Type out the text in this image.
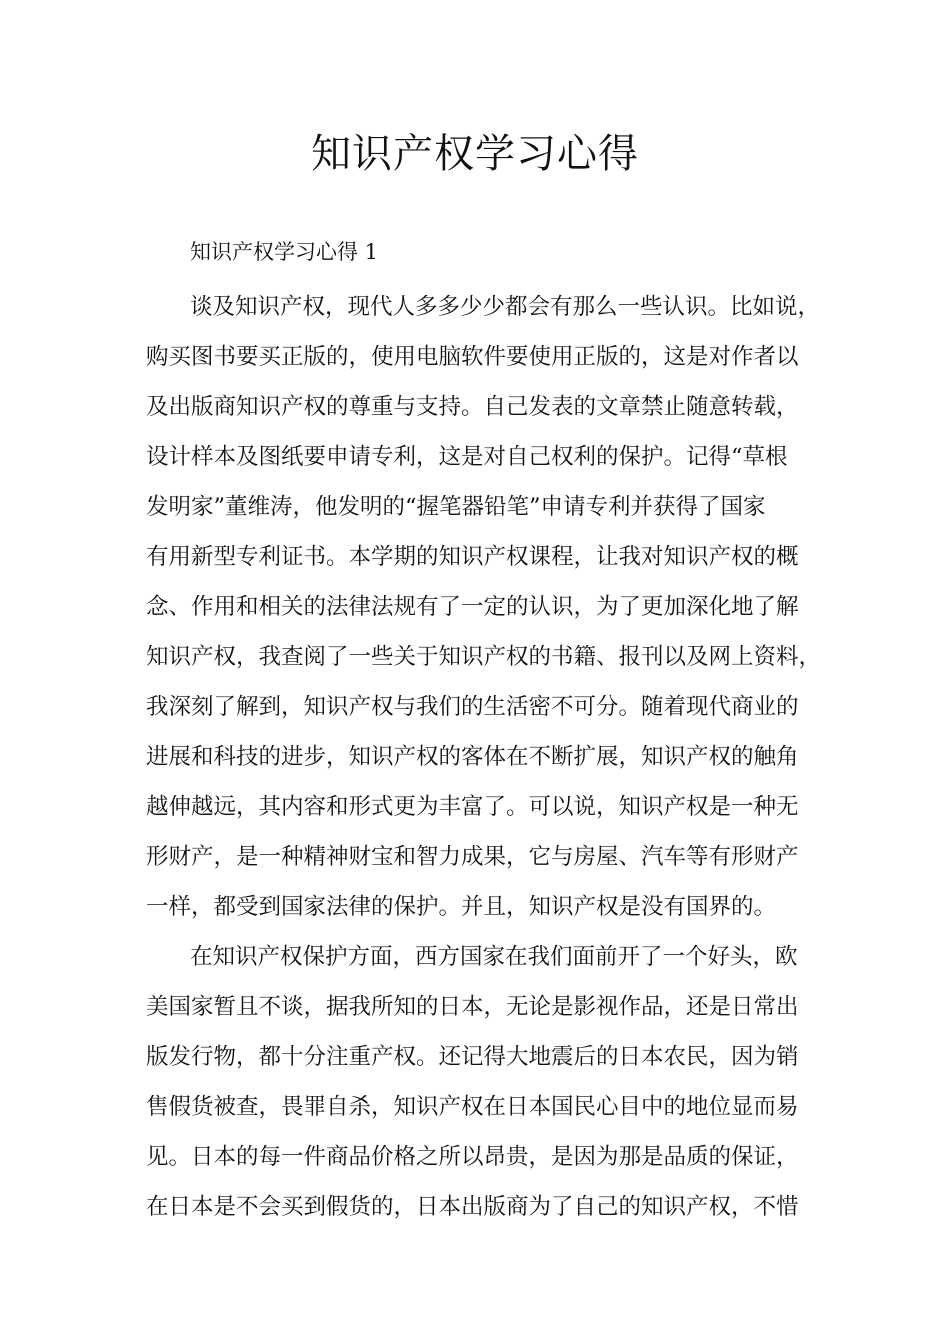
知识产权学习心得

知识产权学习心得 1

谈及知识产权，现代人多多少少都会有那么一些认识。比如说，
购买图书要买正版的，使用电脑软件要使用正版的，这是对作者以
及出版商知识产权的尊重与支持。自己发表的文章禁止随意转载，
设计样本及图纸要申请专利，这是对自己权利的保护。记得“草根
发明家”董维涛，他发明的“握笔器铅笔”申请专利并获得了国家
有用新型专利证书。本学期的知识产权课程，让我对知识产权的概
念、作用和相关的法律法规有了一定的认识，为了更加深化地了解
知识产权，我查阅了一些关于知识产权的书籍、报刊以及网上资料，
我深刻了解到，知识产权与我们的生活密不可分。随着现代商业的
进展和科技的进步，知识产权的客体在不断扩展，知识产权的触角
越伸越远，其内容和形式更为丰富了。可以说，知识产权是一种无
形财产，是一种精神财宝和智力成果，它与房屋、汽车等有形财产
一样，都受到国家法律的保护。并且，知识产权是没有国界的。
在知识产权保护方面，西方国家在我们面前开了一个好头，欧
美国家暂且不谈，据我所知的日本，无论是影视作品，还是日常出
版发行物，都十分注重产权。还记得大地震后的日本农民，因为销
售假货被查，畏罪自杀，知识产权在日本国民心目中的地位显而易
见。日本的每一件商品价格之所以昂贵，是因为那是品质的保证，
在日本是不会买到假货的，日本出版商为了自己的知识产权，不惜
